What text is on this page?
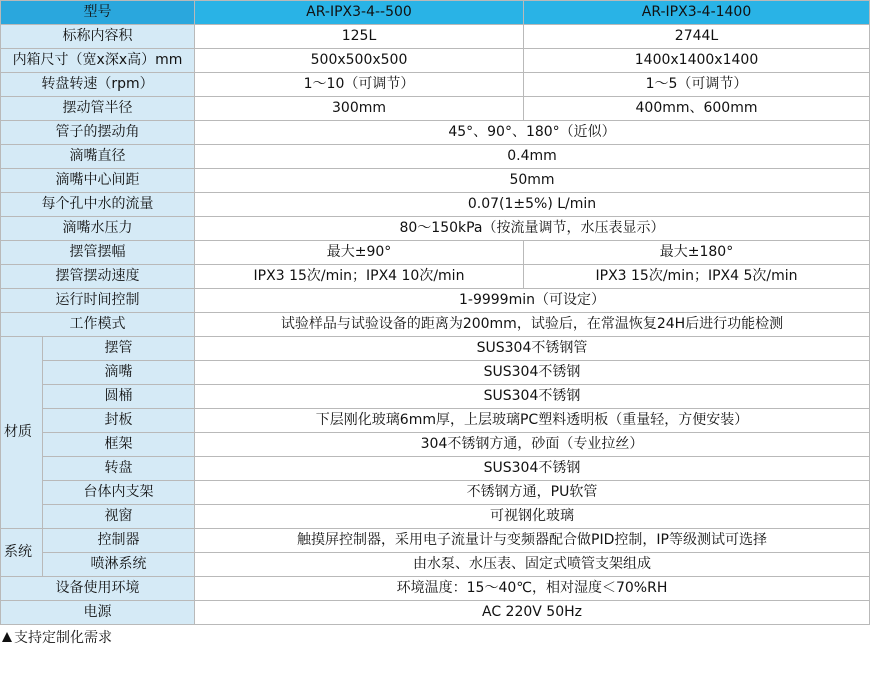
型号		AR-IPX3-4--500	AR-IPX3-4-1400
标称内容积		125L	2744L
内箱尺寸（宽x深x高）mm		500x500x500	1400x1400x1400
转盘转速（rpm）		1～10（可调节）	1～5（可调节）
摆动管半径		300mm	400mm、600mm
管子的摆动角		45°、90°、180°（近似）	
滴嘴直径		0.4mm	
滴嘴中心间距		50mm	
每个孔中水的流量		0.07(1±5%) L/min	
滴嘴水压力		80～150kPa（按流量调节，水压表显示）	
摆管摆幅		最大±90°	最大±180°
摆管摆动速度		IPX3 15次/min；IPX4 10次/min	IPX3 15次/min；IPX4 5次/min
运行时间控制		1-9999min（可设定）	
工作模式		试验样品与试验设备的距离为200mm，试验后，在常温恢复24H后进行功能检测	
材质	摆管	SUS304不锈钢管	
	滴嘴	SUS304不锈钢	
	圆桶	SUS304不锈钢	
	封板	下层刚化玻璃6mm厚，上层玻璃PC塑料透明板（重量轻，方便安装）	
	框架	304不锈钢方通，砂面（专业拉丝）	
	转盘	SUS304不锈钢	
	台体内支架	不锈钢方通，PU软管	
	视窗	可视钢化玻璃	
系统	控制器	触摸屏控制器，采用电子流量计与变频器配合做PID控制，IP等级测试可选择	
	喷淋系统	由水泵、水压表、固定式喷管支架组成	
设备使用环境		环境温度：15～40℃，相对湿度＜70%RH	
电源		AC 220V 50Hz	
支持定制化需求
